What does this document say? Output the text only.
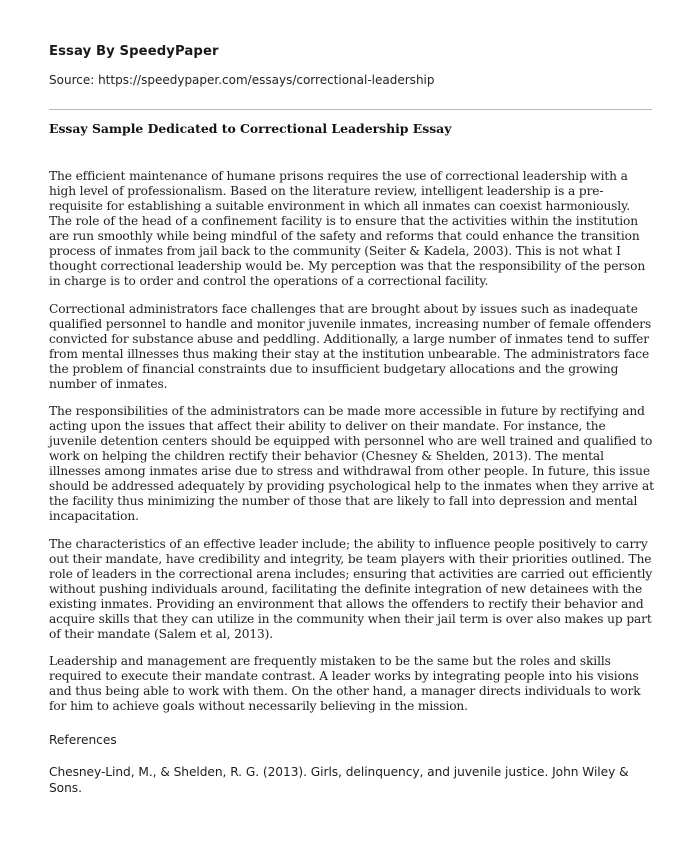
Essay By SpeedyPaper
Source: https://speedypaper.com/essays/correctional-leadership
Essay Sample Dedicated to Correctional Leadership Essay

The efficient maintenance of humane prisons requires the use of correctional leadership with a high level of professionalism. Based on the literature review, intelligent leadership is a pre-requisite for establishing a suitable environment in which all inmates can coexist harmoniously. The role of the head of a confinement facility is to ensure that the activities within the institution are run smoothly while being mindful of the safety and reforms that could enhance the transition process of inmates from jail back to the community (Seiter & Kadela, 2003). This is not what I thought correctional leadership would be. My perception was that the responsibility of the person in charge is to order and control the operations of a correctional facility.

Correctional administrators face challenges that are brought about by issues such as inadequate qualified personnel to handle and monitor juvenile inmates, increasing number of female offenders convicted for substance abuse and peddling. Additionally, a large number of inmates tend to suffer from mental illnesses thus making their stay at the institution unbearable. The administrators face the problem of financial constraints due to insufficient budgetary allocations and the growing number of inmates.

The responsibilities of the administrators can be made more accessible in future by rectifying and acting upon the issues that affect their ability to deliver on their mandate. For instance, the juvenile detention centers should be equipped with personnel who are well trained and qualified to work on helping the children rectify their behavior (Chesney & Shelden, 2013). The mental illnesses among inmates arise due to stress and withdrawal from other people. In future, this issue should be addressed adequately by providing psychological help to the inmates when they arrive at the facility thus minimizing the number of those that are likely to fall into depression and mental incapacitation.

The characteristics of an effective leader include; the ability to influence people positively to carry out their mandate, have credibility and integrity, be team players with their priorities outlined. The role of leaders in the correctional arena includes; ensuring that activities are carried out efficiently without pushing individuals around, facilitating the definite integration of new detainees with the existing inmates. Providing an environment that allows the offenders to rectify their behavior and acquire skills that they can utilize in the community when their jail term is over also makes up part of their mandate (Salem et al, 2013).

Leadership and management are frequently mistaken to be the same but the roles and skills required to execute their mandate contrast. A leader works by integrating people into his visions and thus being able to work with them. On the other hand, a manager directs individuals to work for him to achieve goals without necessarily believing in the mission.

References

Chesney-Lind, M., & Shelden, R. G. (2013). Girls, delinquency, and juvenile justice. John Wiley & Sons.
